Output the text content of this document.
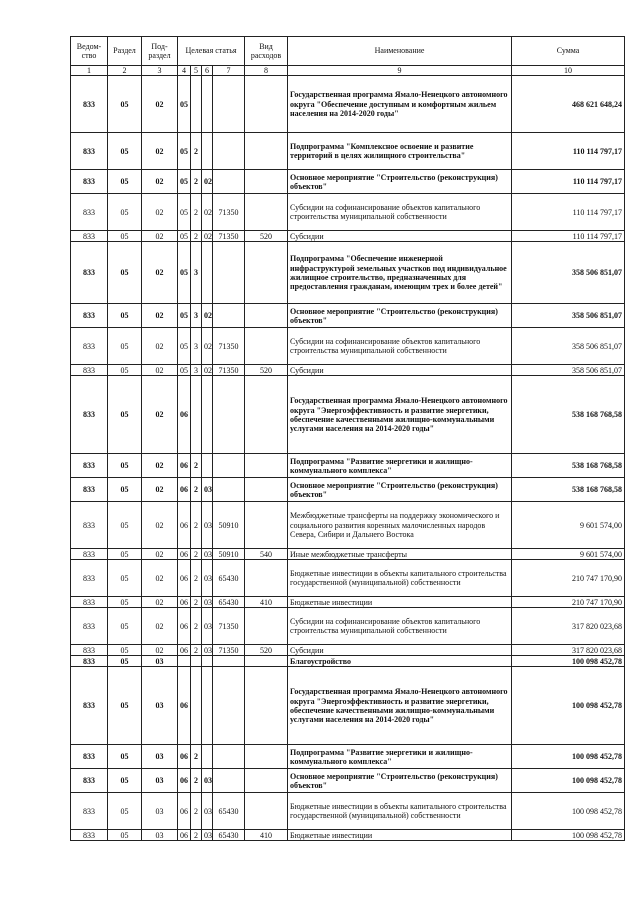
Ведом-ство	Раздел	Под-раздел	Целевая статья				Вид расходов	Наименование	Сумма
1	2	3	4	5	6	7	8	9	10
833	05	02	05					Государственная программа Ямало-Ненецкого автономного округа "Обеспечение доступным и комфортным жильем населения на 2014-2020 годы"	468 621 648,24
833	05	02	05	2				Подпрограмма "Комплексное освоение и развитие территорий в целях жилищного строительства"	110 114 797,17
833	05	02	05	2	02			Основное мероприятие "Строительство (реконструкция) объектов"	110 114 797,17
833	05	02	05	2	02	71350		Субсидии на софинансирование объектов капитального строительства муниципальной собственности	110 114 797,17
833	05	02	05	2	02	71350	520	Субсидии	110 114 797,17
833	05	02	05	3				Подпрограмма "Обеспечение инженерной инфраструктурой земельных участков под индивидуальное жилищное строительство, предназначенных для предоставления гражданам, имеющим трех и более детей"	358 506 851,07
833	05	02	05	3	02			Основное мероприятие "Строительство (реконструкция) объектов"	358 506 851,07
833	05	02	05	3	02	71350		Субсидии на софинансирование объектов капитального строительства муниципальной собственности	358 506 851,07
833	05	02	05	3	02	71350	520	Субсидии	358 506 851,07
833	05	02	06					Государственная программа Ямало-Ненецкого автономного округа "Энергоэффективность и развитие энергетики, обеспечение качественными жилищно-коммунальными услугами населения на 2014-2020 годы"	538 168 768,58
833	05	02	06	2				Подпрограмма "Развитие энергетики и жилищно-коммунального комплекса"	538 168 768,58
833	05	02	06	2	03			Основное мероприятие "Строительство (реконструкция) объектов"	538 168 768,58
833	05	02	06	2	03	50910		Межбюджетные трансферты на поддержку экономического и социального развития коренных малочисленных народов Севера, Сибири и Дальнего Востока	9 601 574,00
833	05	02	06	2	03	50910	540	Иные межбюджетные трансферты	9 601 574,00
833	05	02	06	2	03	65430		Бюджетные инвестиции в объекты капитального строительства государственной (муниципальной) собственности	210 747 170,90
833	05	02	06	2	03	65430	410	Бюджетные инвестиции	210 747 170,90
833	05	02	06	2	03	71350		Субсидии на софинансирование объектов капитального строительства муниципальной собственности	317 820 023,68
833	05	02	06	2	03	71350	520	Субсидии	317 820 023,68
833	05	03						Благоустройство	100 098 452,78
833	05	03	06					Государственная программа Ямало-Ненецкого автономного округа "Энергоэффективность и развитие энергетики, обеспечение качественными жилищно-коммунальными услугами населения на 2014-2020 годы"	100 098 452,78
833	05	03	06	2				Подпрограмма "Развитие энергетики и жилищно-коммунального комплекса"	100 098 452,78
833	05	03	06	2	03			Основное мероприятие "Строительство (реконструкция) объектов"	100 098 452,78
833	05	03	06	2	03	65430		Бюджетные инвестиции в объекты капитального строительства государственной (муниципальной) собственности	100 098 452,78
833	05	03	06	2	03	65430	410	Бюджетные инвестиции	100 098 452,78
